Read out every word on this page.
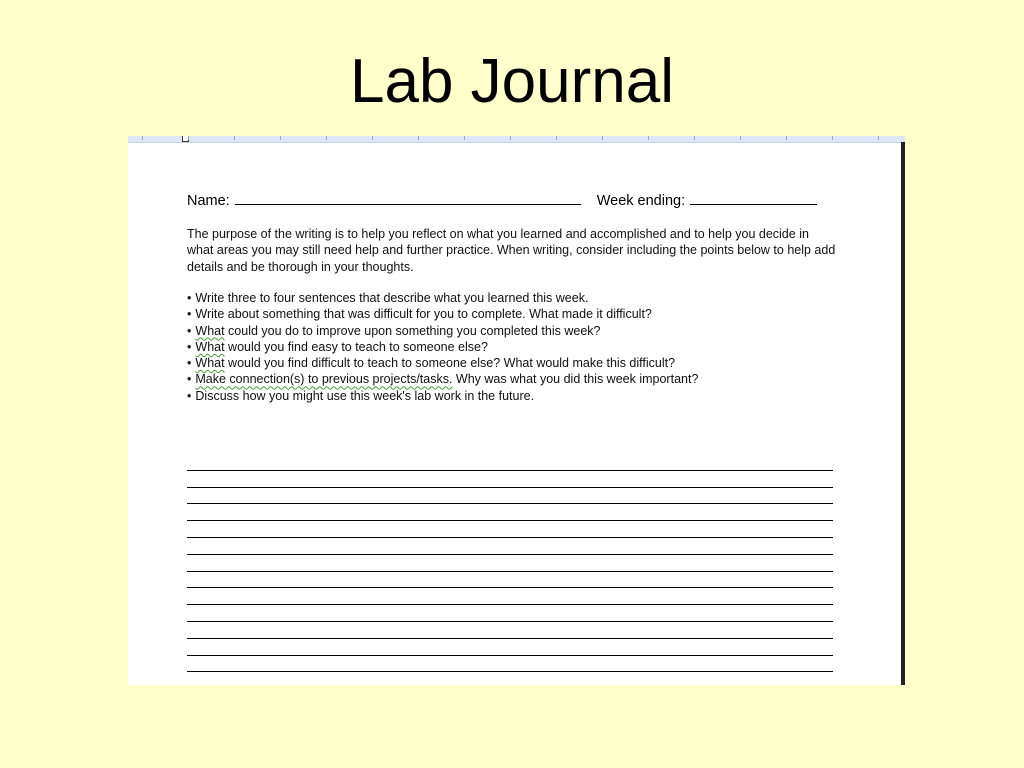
Lab Journal
Name:	Week ending:

The purpose of the writing is to help you reflect on what you learned and accomplished and to help you decide in what areas you may still need help and further practice. When writing, consider including the points below to help add details and be thorough in your thoughts.

• Write three to four sentences that describe what you learned this week.
• Write about something that was difficult for you to complete. What made it difficult?
• What could you do to improve upon something you completed this week?
• What would you find easy to teach to someone else?
• What would you find difficult to teach to someone else? What would make this difficult?
• Make connection(s) to previous projects/tasks. Why was what you did this week important?
• Discuss how you might use this week's lab work in the future.
